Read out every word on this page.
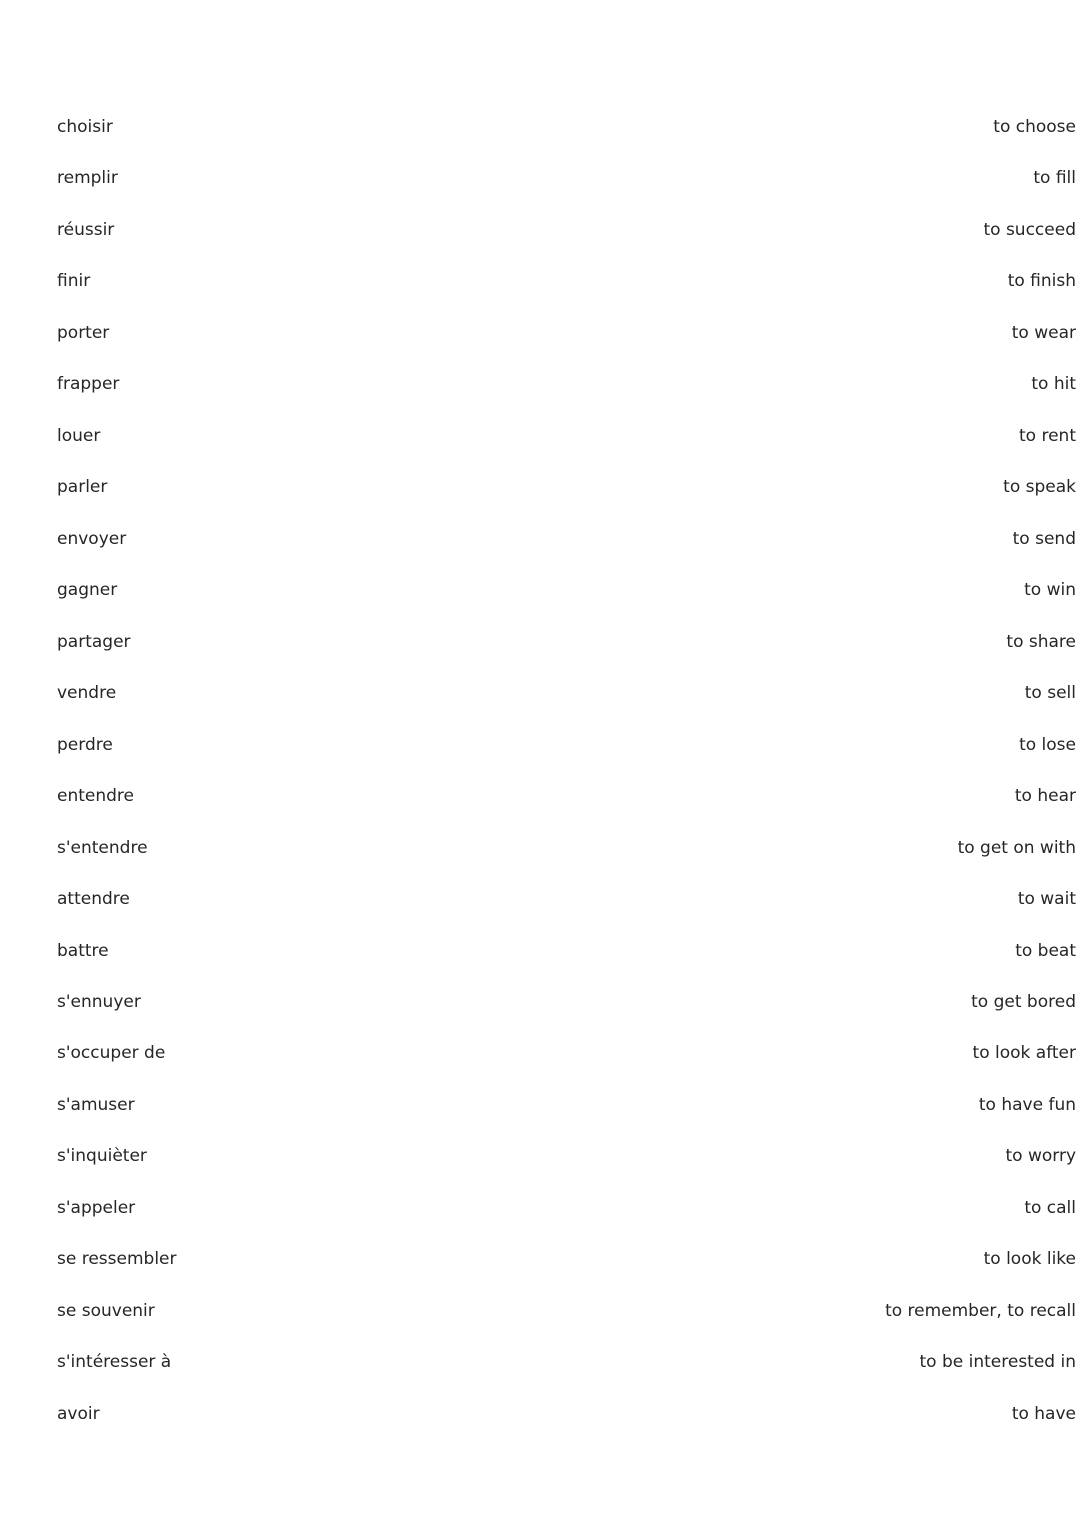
choisir	to choose
remplir	to fill
réussir	to succeed
finir	to finish
porter	to wear
frapper	to hit
louer	to rent
parler	to speak
envoyer	to send
gagner	to win
partager	to share
vendre	to sell
perdre	to lose
entendre	to hear
s'entendre	to get on with
attendre	to wait
battre	to beat
s'ennuyer	to get bored
s'occuper de	to look after
s'amuser	to have fun
s'inquièter	to worry
s'appeler	to call
se ressembler	to look like
se souvenir	to remember, to recall
s'intéresser à	to be interested in
avoir	to have
